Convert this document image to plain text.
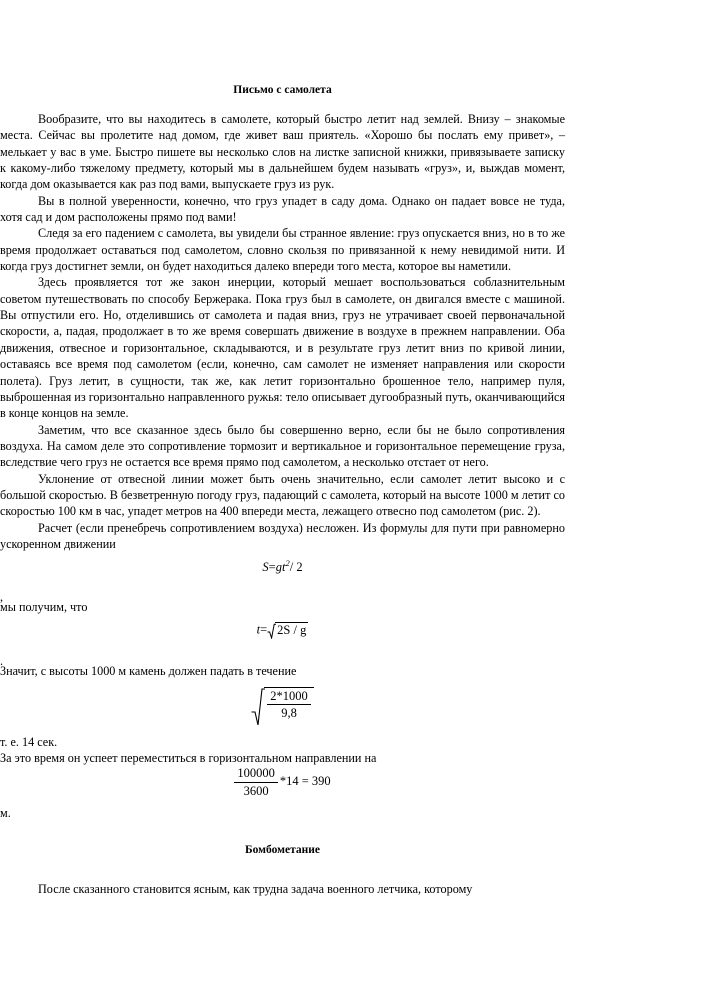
Письмо с самолета

Вообразите, что вы находитесь в самолете, который быстро летит над землей. Внизу – знакомые места. Сейчас вы пролетите над домом, где живет ваш приятель. «Хорошо бы послать ему привет», – мелькает у вас в уме. Быстро пишете вы несколько слов на листке записной книжки, привязываете записку к какому-либо тяжелому предмету, который мы в дальнейшем будем называть «груз», и, выждав момент, когда дом оказывается как раз под вами, выпускаете груз из рук.

Вы в полной уверенности, конечно, что груз упадет в саду дома. Однако он падает вовсе не туда, хотя сад и дом расположены прямо под вами!

Следя за его падением с самолета, вы увидели бы странное явление: груз опускается вниз, но в то же время продолжает оставаться под самолетом, словно скользя по привязанной к нему невидимой нити. И когда груз достигнет земли, он будет находиться далеко впереди того места, которое вы наметили.

Здесь проявляется тот же закон инерции, который мешает воспользоваться соблазнительным советом путешествовать по способу Бержерака. Пока груз был в самолете, он двигался вместе с машиной. Вы отпустили его. Но, отделившись от самолета и падая вниз, груз не утрачивает своей первоначальной скорости, а, падая, продолжает в то же время совершать движение в воздухе в прежнем направлении. Оба движения, отвесное и горизонтальное, складываются, и в результате груз летит вниз по кривой линии, оставаясь все время под самолетом (если, конечно, сам самолет не изменяет направления или скорости полета). Груз летит, в сущности, так же, как летит горизонтально брошенное тело, например пуля, выброшенная из горизонтально направленного ружья: тело описывает дугообразный путь, оканчивающийся в конце концов на земле.

Заметим, что все сказанное здесь было бы совершенно верно, если бы не было сопротивления воздуха. На самом деле это сопротивление тормозит и вертикальное и горизонтальное перемещение груза, вследствие чего груз не остается все время прямо под самолетом, а несколько отстает от него.

Уклонение от отвесной линии может быть очень значительно, если самолет летит высоко и с большой скоростью. В безветренную погоду груз, падающий с самолета, который на высоте 1000 м летит со скоростью 100 км в час, упадет метров на 400 впереди места, лежащего отвесно под самолетом (рис. 2).

Расчет (если пренебречь сопротивлением воздуха) несложен. Из формулы для пути при равномерно ускоренном движении

$S=gt^2/$ 2

,

мы получим, что

t= 2S / g

.

Значит, с высоты 1000 м камень должен падать в течение

$\frac{2*1000}{9,8}$

т. е. 14 сек.

За это время он успеет переместиться в горизонтальном направлении на

$\frac{100000}{3600} *14 = 390$

м.

Бомбометание

После сказанного становится ясным, как трудна задача военного летчика, которому
